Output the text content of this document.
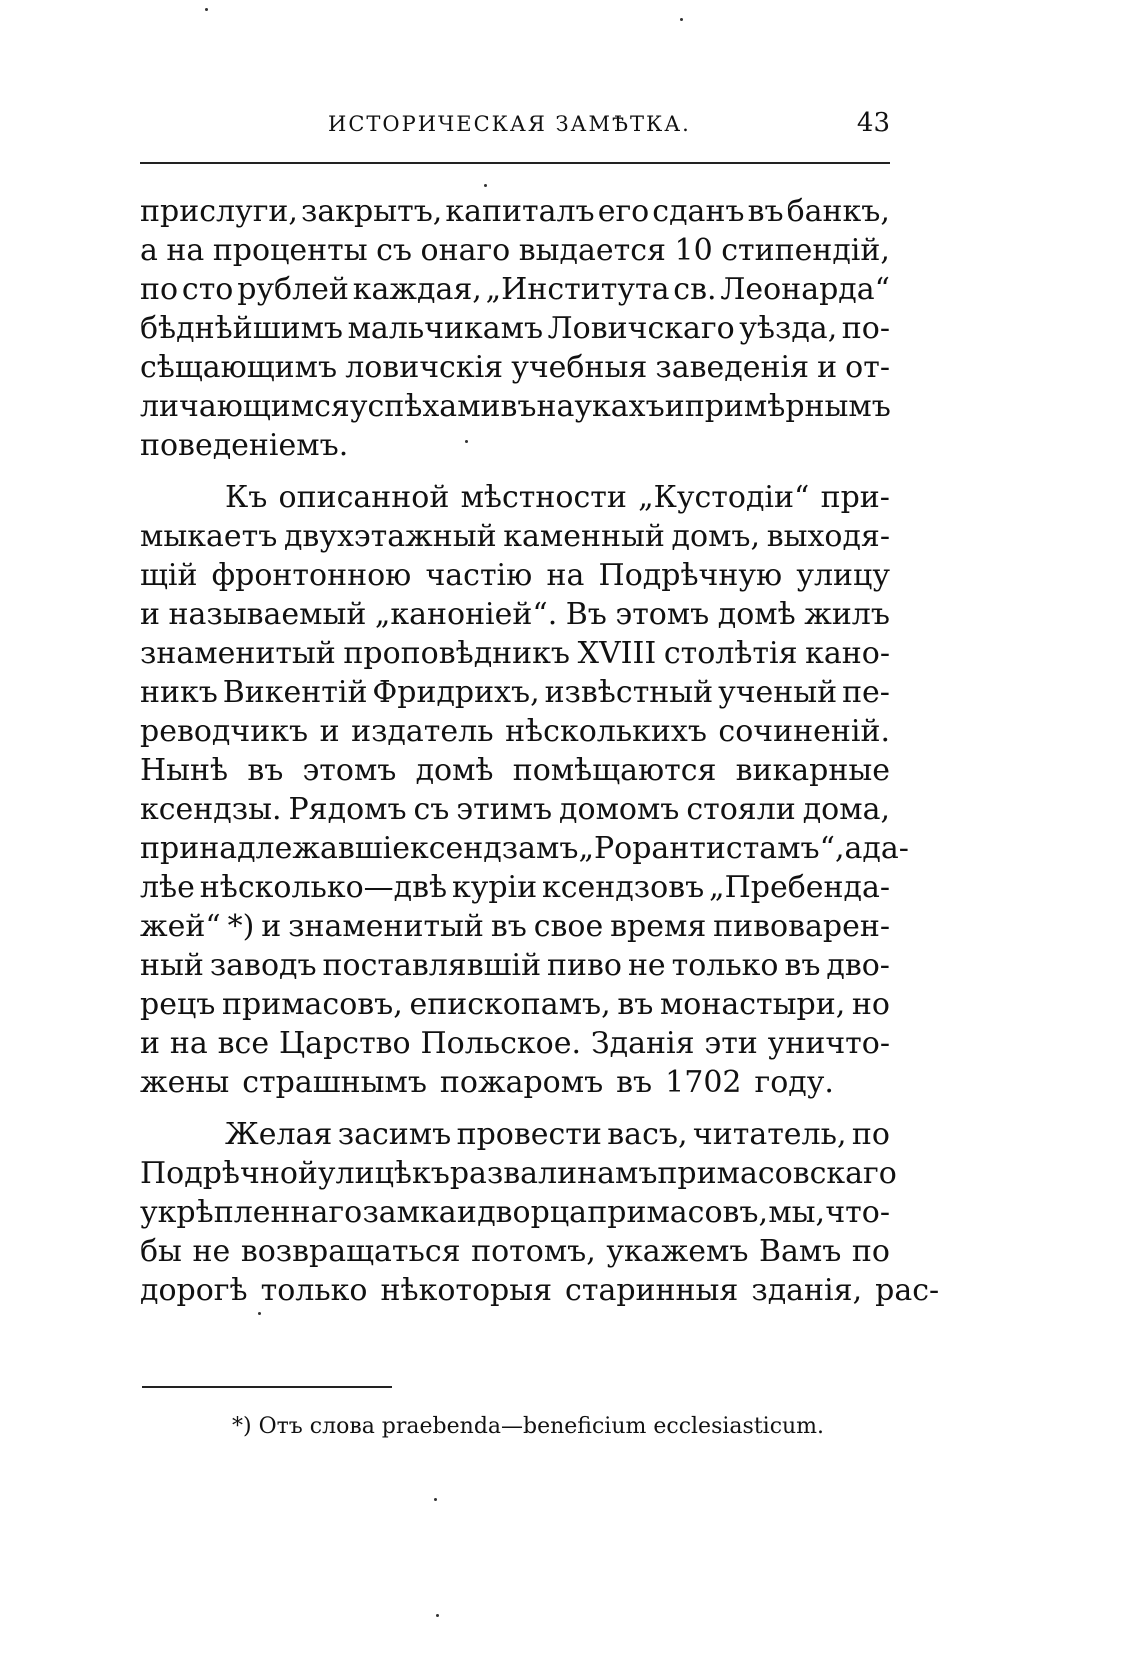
ИСТОРИЧЕСКАЯ ЗАМѢТКА.	43
прислуги, закрытъ, капиталъ его сданъ въ банкъ,
а на проценты съ онаго выдается 10 стипендій,
по сто рублей каждая, „Института св. Леонарда“
бѣднѣйшимъ мальчикамъ Ловичскаго уѣзда, по-
сѣщающимъ ловичскія учебныя заведенія и от-
личающимся успѣхами въ наукахъ и примѣрнымъ
поведеніемъ.
Къ описанной мѣстности „Кустодіи“ при-
мыкаетъ двухэтажный каменный домъ, выходя-
щій фронтонною частію на Подрѣчную улицу
и называемый „каноніей“. Въ этомъ домѣ жилъ
знаменитый проповѣдникъ XVIII столѣтія кано-
никъ Викентій Фридрихъ, извѣстный ученый пе-
реводчикъ и издатель нѣсколькихъ сочиненій.
Нынѣ въ этомъ домѣ помѣщаются викарные
ксендзы. Рядомъ съ этимъ домомъ стояли дома,
принадлежавшіе ксендзамъ „Рорантистамъ“, а да-
лѣе нѣсколько—двѣ куріи ксендзовъ „Пребенда-
жей“ *) и знаменитый въ свое время пивоварен-
ный заводъ поставлявшій пиво не только въ дво-
рецъ примасовъ, епископамъ, въ монастыри, но
и на все Царство Польское. Зданія эти уничто-
жены страшнымъ пожаромъ въ 1702 году.
Желая засимъ провести васъ, читатель, по
Подрѣчной улицѣ къ развалинамъ примасовскаго
укрѣпленнаго замка и дворца примасовъ, мы, что-
бы не возвращаться потомъ, укажемъ Вамъ по
дорогѣ только нѣкоторыя старинныя зданія, рас-
*) Отъ слова praebenda—beneficium ecclesiasticum.
